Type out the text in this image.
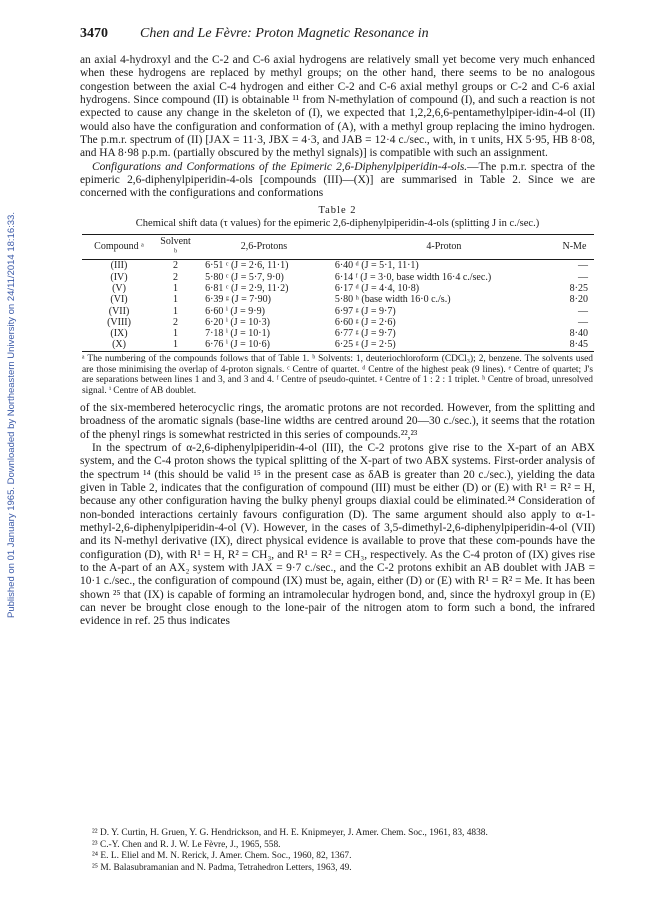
Published on 01 January 1965. Downloaded by Northeastern University on 24/11/2014 18:16:33.
3470 Chen and Le Fèvre: Proton Magnetic Resonance in

an axial 4-hydroxyl and the C-2 and C-6 axial hydrogens are relatively small yet become very much enhanced when these hydrogens are replaced by methyl groups; on the other hand, there seems to be no analogous congestion between the axial C-4 hydrogen and either C-2 and C-6 axial methyl groups or C-2 and C-6 axial hydrogens. Since compound (II) is obtainable ¹¹ from N-methylation of compound (I), and such a reaction is not expected to cause any change in the skeleton of (I), we expected that 1,2,2,6,6-pentamethylpiper-idin-4-ol (II) would also have the configuration and conformation of (A), with a methyl group replacing the imino hydrogen. The p.m.r. spectrum of (II) [JAX = 11·3, JBX = 4·3, and JAB = 12·4 c./sec., with, in τ units, HX 5·95, HB 8·08, and HA 8·98 p.p.m. (partially obscured by the methyl signals)] is compatible with such an assignment.

Configurations and Conformations of the Epimeric 2,6-Diphenylpiperidin-4-ols.—The p.m.r. spectra of the epimeric 2,6-diphenylpiperidin-4-ols [compounds (III)—(X)] are summarised in Table 2. Since we are concerned with the configurations and conformations

Table 2
Chemical shift data (τ values) for the epimeric 2,6-diphenylpiperidin-4-ols (splitting J in c./sec.)
Compound ᵃ	Solvent ᵇ	2,6-Protons	4-Proton	N-Me
(III)	2	6·51 ᶜ (J = 2·6, 11·1)	6·40 ᵈ (J = 5·1, 11·1)	—
(IV)	2	5·80 ᶜ (J = 5·7, 9·0)	6·14 ᶠ (J = 3·0, base width 16·4 c./sec.)	—
(V)	1	6·81 ᶜ (J = 2·9, 11·2)	6·17 ᵈ (J = 4·4, 10·8)	8·25
(VI)	1	6·39 ᵍ (J = 7·90)	5·80 ʰ (base width 16·0 c./s.)	8·20
(VII)	1	6·60 ⁱ (J = 9·9)	6·97 ᵍ (J = 9·7)	—
(VIII)	2	6·20 ⁱ (J = 10·3)	6·60 ᵍ (J = 2·6)	—
(IX)	1	7·18 ⁱ (J = 10·1)	6·77 ᵍ (J = 9·7)	8·40
(X)	1	6·76 ⁱ (J = 10·6)	6·25 ᵍ (J = 2·5)	8·45
ᵃ The numbering of the compounds follows that of Table 1. ᵇ Solvents: 1, deuteriochloroform (CDCl₃); 2, benzene. The solvents used are those minimising the overlap of 4-proton signals. ᶜ Centre of quartet. ᵈ Centre of the highest peak (9 lines). ᵉ Centre of quartet; J's are separations between lines 1 and 3, and 3 and 4. ᶠ Centre of pseudo-quintet. ᵍ Centre of 1 : 2 : 1 triplet. ʰ Centre of broad, unresolved signal. ⁱ Centre of AB doublet.

of the six-membered heterocyclic rings, the aromatic protons are not recorded. However, from the splitting and broadness of the aromatic signals (base-line widths are centred around 20—30 c./sec.), it seems that the rotation of the phenyl rings is somewhat restricted in this series of compounds.²²,²³

In the spectrum of α-2,6-diphenylpiperidin-4-ol (III), the C-2 protons give rise to the X-part of an ABX system, and the C-4 proton shows the typical splitting of the X-part of two ABX systems. First-order analysis of the spectrum ¹⁴ (this should be valid ¹⁵ in the present case as δAB is greater than 20 c./sec.), yielding the data given in Table 2, indicates that the configuration of compound (III) must be either (D) or (E) with R¹ = R² = H, because any other configuration having the bulky phenyl groups diaxial could be eliminated.²⁴ Consideration of non-bonded interactions certainly favours configuration (D). The same argument should also apply to α-1-methyl-2,6-diphenylpiperidin-4-ol (V). However, in the cases of 3,5-dimethyl-2,6-diphenylpiperidin-4-ol (VII) and its N-methyl derivative (IX), direct physical evidence is available to prove that these com-pounds have the configuration (D), with R¹ = H, R² = CH₃, and R¹ = R² = CH₃, respectively. As the C-4 proton of (IX) gives rise to the A-part of an AX₂ system with JAX = 9·7 c./sec., and the C-2 protons exhibit an AB doublet with JAB = 10·1 c./sec., the configuration of compound (IX) must be, again, either (D) or (E) with R¹ = R² = Me. It has been shown ²⁵ that (IX) is capable of forming an intramolecular hydrogen bond, and, since the hydroxyl group in (E) can never be brought close enough to the lone-pair of the nitrogen atom to form such a bond, the infrared evidence in ref. 25 thus indicates

²² D. Y. Curtin, H. Gruen, Y. G. Hendrickson, and H. E. Knipmeyer, J. Amer. Chem. Soc., 1961, 83, 4838.
²³ C.-Y. Chen and R. J. W. Le Fèvre, J., 1965, 558.
²⁴ E. L. Eliel and M. N. Rerick, J. Amer. Chem. Soc., 1960, 82, 1367.
²⁵ M. Balasubramanian and N. Padma, Tetrahedron Letters, 1963, 49.
